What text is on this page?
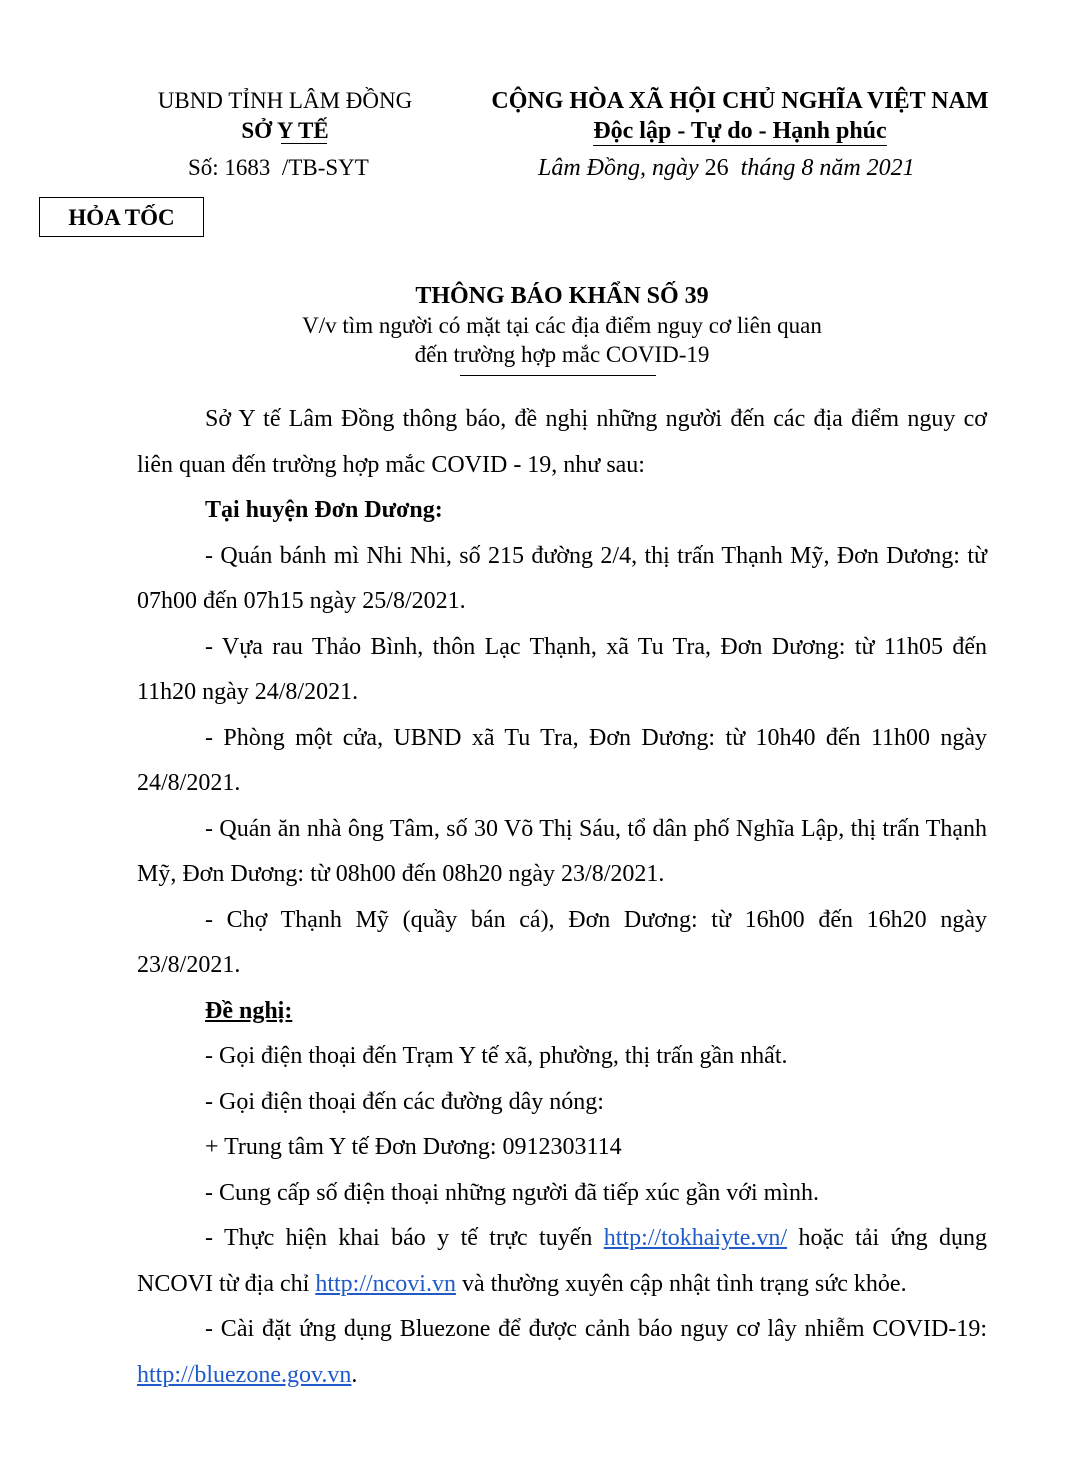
UBND TỈNH LÂM ĐỒNG
SỞ Y TẾ
Số: 1683  /TB-SYT
CỘNG HÒA XÃ HỘI CHỦ NGHĨA VIỆT NAM
Độc lập - Tự do - Hạnh phúc
Lâm Đồng, ngày 26  tháng 8 năm 2021
HỎA TỐC
THÔNG BÁO KHẨN SỐ 39
V/v tìm người có mặt tại các địa điểm nguy cơ liên quan
đến trường hợp mắc COVID-19

Sở Y tế Lâm Đồng thông báo, đề nghị những người đến các địa điểm nguy cơ liên quan đến trường hợp mắc COVID - 19, như sau:

Tại huyện Đơn Dương:

- Quán bánh mì Nhi Nhi, số 215 đường 2/4, thị trấn Thạnh Mỹ, Đơn Dương: từ 07h00 đến 07h15 ngày 25/8/2021.

- Vựa rau Thảo Bình, thôn Lạc Thạnh, xã Tu Tra, Đơn Dương: từ 11h05 đến 11h20 ngày 24/8/2021.

- Phòng một cửa, UBND xã Tu Tra, Đơn Dương: từ 10h40 đến 11h00 ngày 24/8/2021.

- Quán ăn nhà ông Tâm, số 30 Võ Thị Sáu, tổ dân phố Nghĩa Lập, thị trấn Thạnh Mỹ, Đơn Dương: từ 08h00 đến 08h20 ngày 23/8/2021.

- Chợ Thạnh Mỹ (quầy bán cá), Đơn Dương: từ 16h00 đến 16h20 ngày 23/8/2021.

Đề nghị:

- Gọi điện thoại đến Trạm Y tế xã, phường, thị trấn gần nhất.

- Gọi điện thoại đến các đường dây nóng:

+ Trung tâm Y tế Đơn Dương: 0912303114

- Cung cấp số điện thoại những người đã tiếp xúc gần với mình.

- Thực hiện khai báo y tế trực tuyến http://tokhaiyte.vn/ hoặc tải ứng dụng NCOVI từ địa chỉ http://ncovi.vn và thường xuyên cập nhật tình trạng sức khỏe.

- Cài đặt ứng dụng Bluezone để được cảnh báo nguy cơ lây nhiễm COVID-19: http://bluezone.gov.vn.
